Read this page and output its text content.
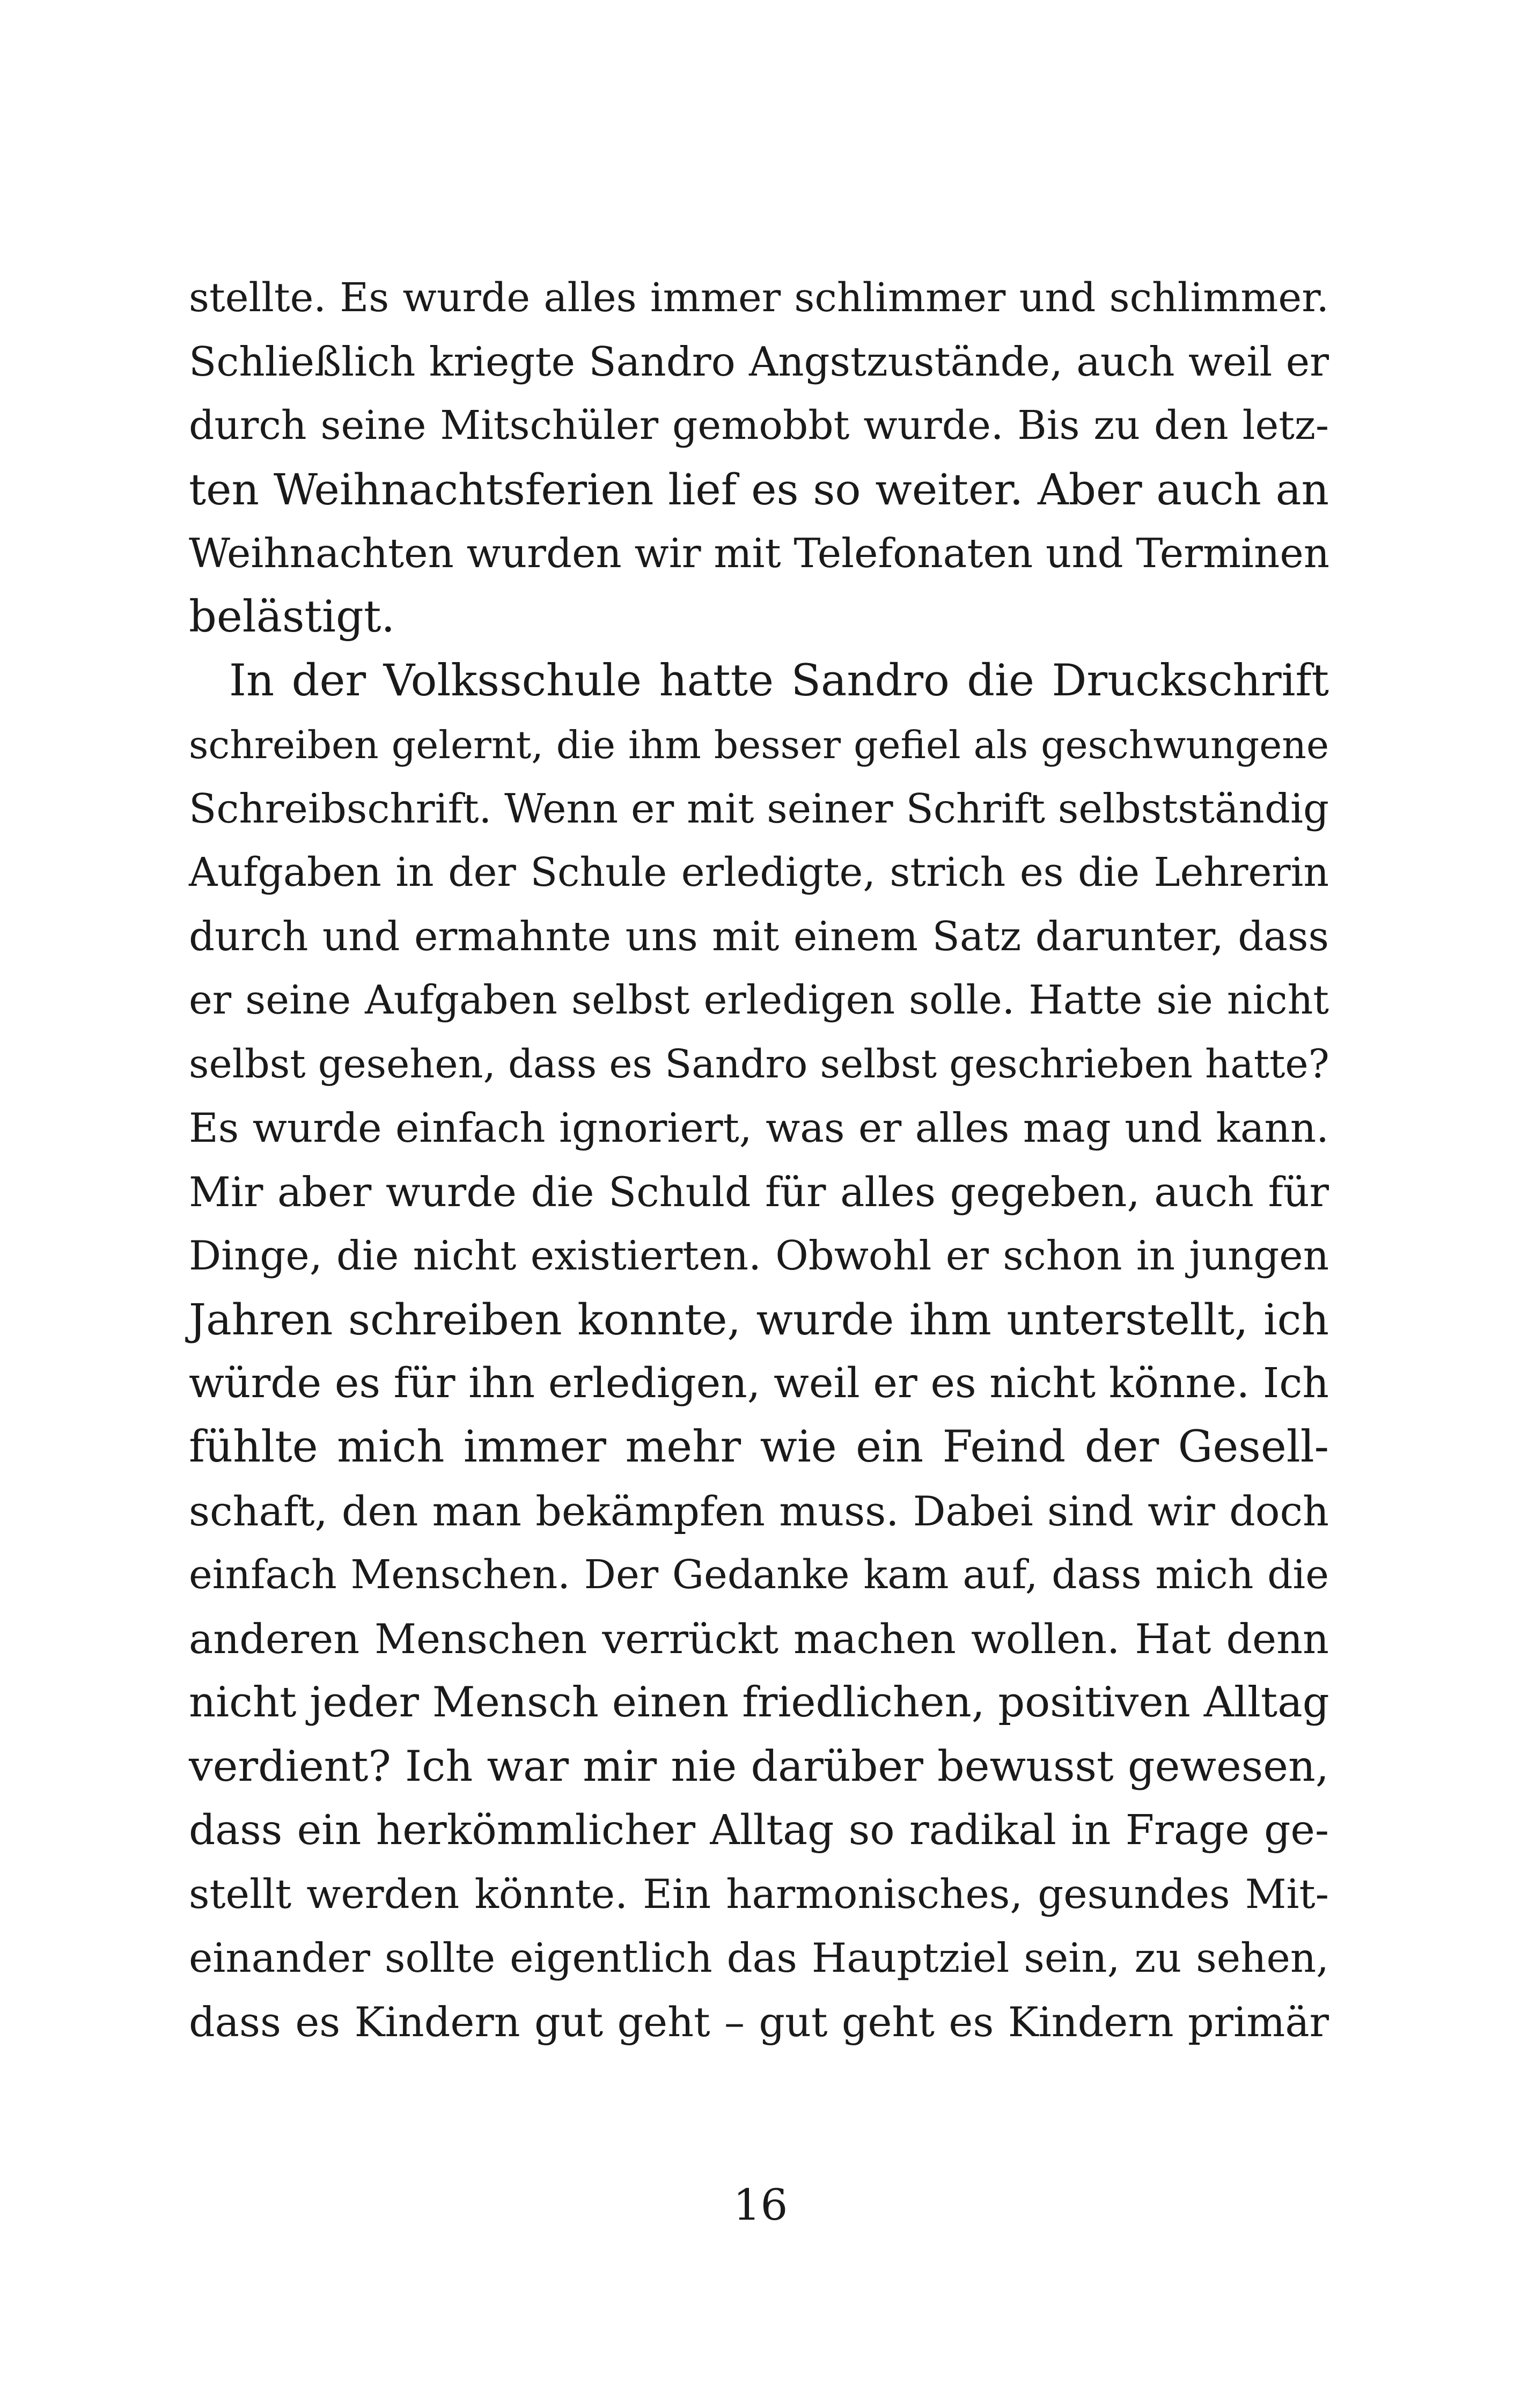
stellte. Es wurde alles immer schlimmer und schlimmer.
Schließlich kriegte Sandro Angstzustände, auch weil er
durch seine Mitschüler gemobbt wurde. Bis zu den letz-
ten Weihnachtsferien lief es so weiter. Aber auch an
Weihnachten wurden wir mit Telefonaten und Terminen
belästigt.
In der Volksschule hatte Sandro die Druckschrift
schreiben gelernt, die ihm besser gefiel als geschwungene
Schreibschrift. Wenn er mit seiner Schrift selbstständig
Aufgaben in der Schule erledigte, strich es die Lehrerin
durch und ermahnte uns mit einem Satz darunter, dass
er seine Aufgaben selbst erledigen solle. Hatte sie nicht
selbst gesehen, dass es Sandro selbst geschrieben hatte?
Es wurde einfach ignoriert, was er alles mag und kann.
Mir aber wurde die Schuld für alles gegeben, auch für
Dinge, die nicht existierten. Obwohl er schon in jungen
Jahren schreiben konnte, wurde ihm unterstellt, ich
würde es für ihn erledigen, weil er es nicht könne. Ich
fühlte mich immer mehr wie ein Feind der Gesell-
schaft, den man bekämpfen muss. Dabei sind wir doch
einfach Menschen. Der Gedanke kam auf, dass mich die
anderen Menschen verrückt machen wollen. Hat denn
nicht jeder Mensch einen friedlichen, positiven Alltag
verdient? Ich war mir nie darüber bewusst gewesen,
dass ein herkömmlicher Alltag so radikal in Frage ge-
stellt werden könnte. Ein harmonisches, gesundes Mit-
einander sollte eigentlich das Hauptziel sein, zu sehen,
dass es Kindern gut geht – gut geht es Kindern primär
16
